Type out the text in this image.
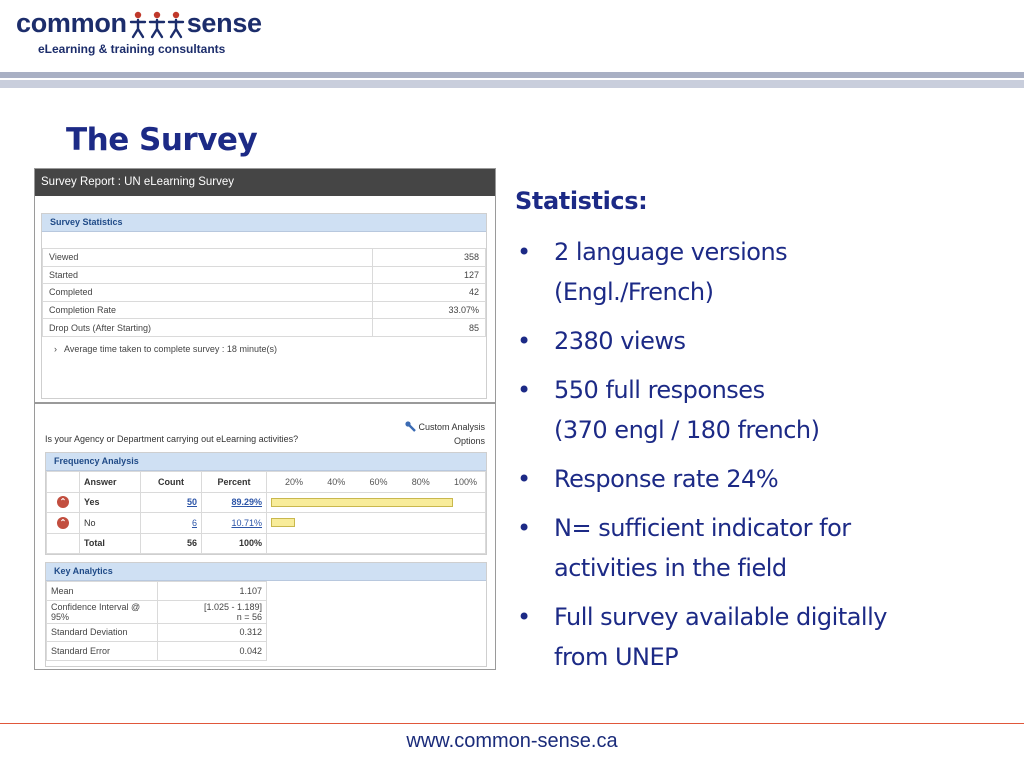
common sense
eLearning & training consultants
The Survey
Survey Report : UN eLearning Survey
Survey Statistics
Viewed	358
Started	127
Completed	42
Completion Rate	33.07%
Drop Outs (After Starting)	85
› Average time taken to complete survey : 18 minute(s)
Custom Analysis
Options
Is your Agency or Department carrying out eLearning activities?
Frequency Analysis
	Answer	Count	Percent	20% 40% 60% 80% 100%

⌃	Yes	50	89.29%	

⌃	No	6	10.71%	

	Total	56	100%	
Key Analytics
Mean	1.107
Confidence Interval @ 95%	[1.025 - 1.189]
n = 56
Standard Deviation	0.312
Standard Error	0.042
Statistics:
• 2 language versions
(Engl./French)
• 2380 views
• 550 full responses
(370 engl / 180 french)
• Response rate 24%
• N= sufficient indicator for
activities in the field
• Full survey available digitally
from UNEP
www.common-sense.ca
